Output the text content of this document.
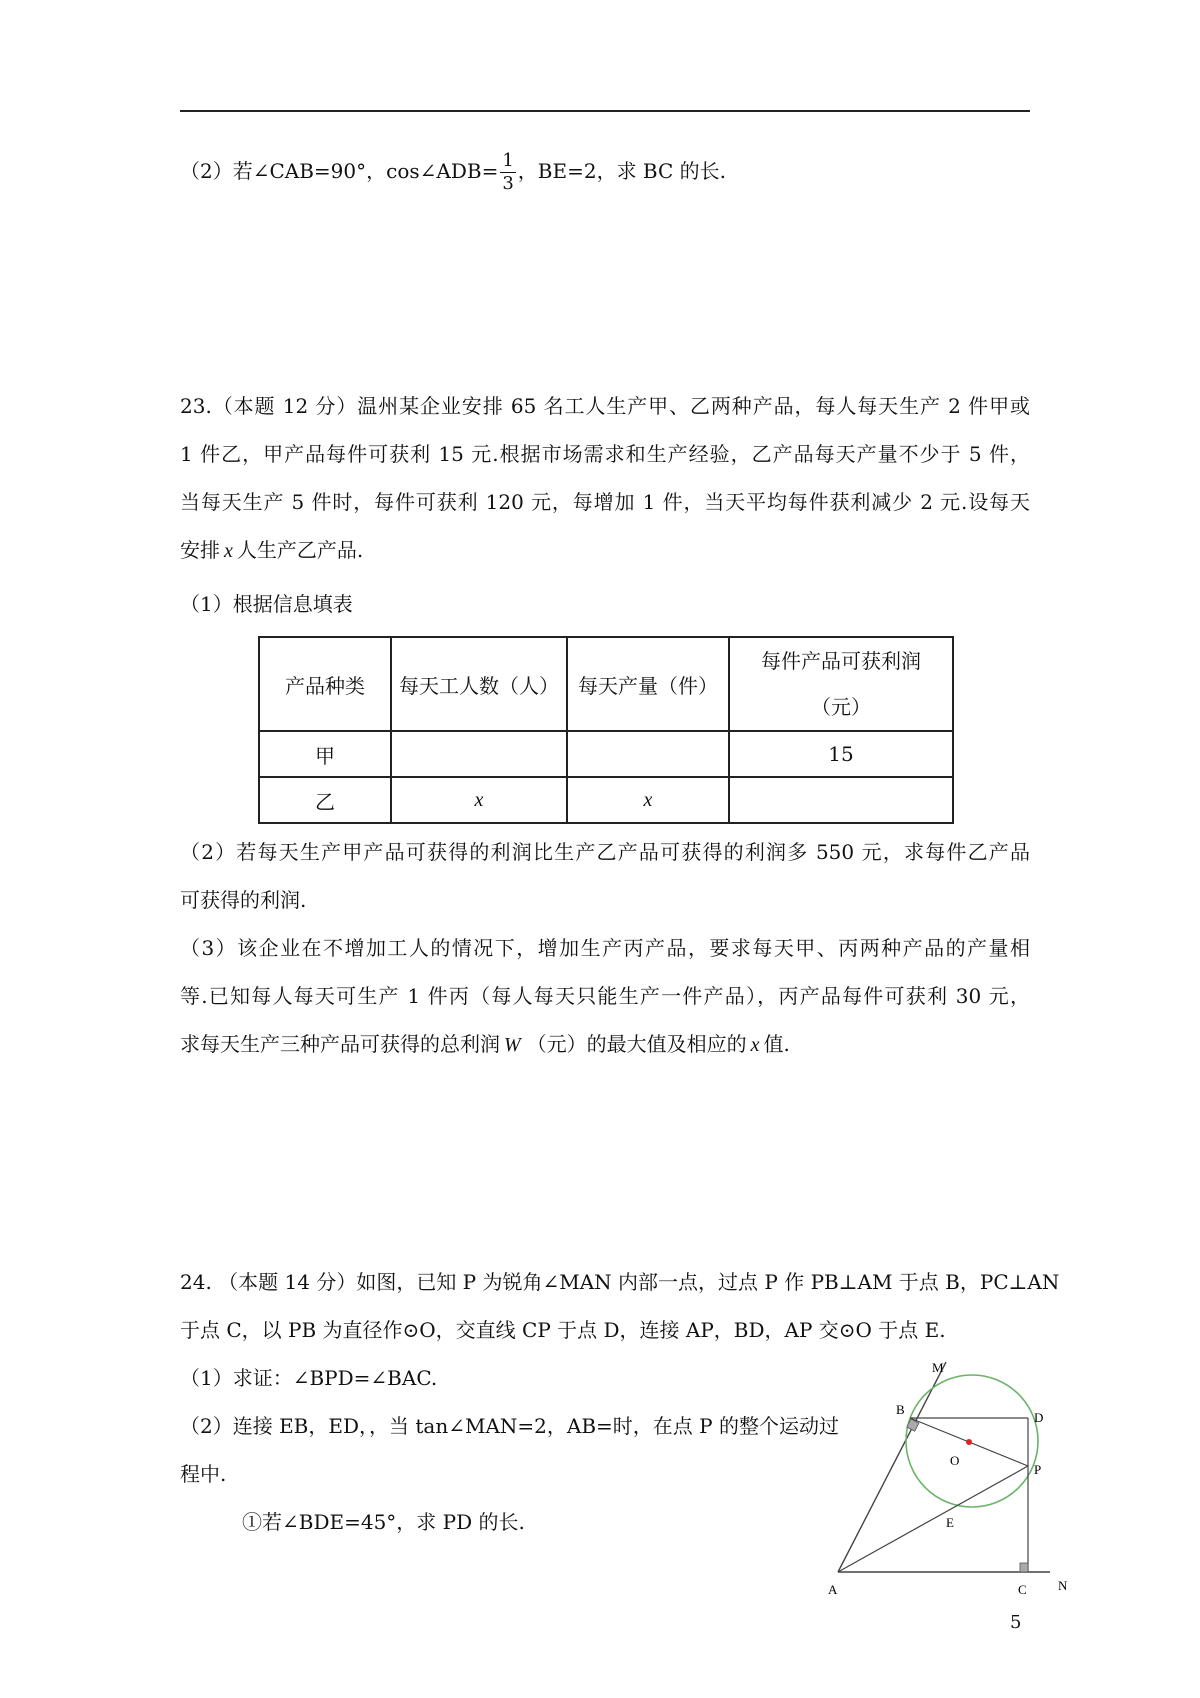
（2）若∠CAB=90°，cos∠ADB= $\frac{1}{3}$ ，BE=2，求 BC 的长.
23.（本题 12 分）温州某企业安排 65 名工人生产甲、乙两种产品，每人每天生产 2 件甲或
1 件乙，甲产品每件可获利 15 元.根据市场需求和生产经验，乙产品每天产量不少于 5 件，
当每天生产 5 件时，每件可获利 120 元，每增加 1 件，当天平均每件获利减少 2 元.设每天
安排 x 人生产乙产品.
（1）根据信息填表
产品种类	每天工人数（人）	每天产量（件）	每件产品可获利润
（元）

甲			15
乙	x	x	
（2）若每天生产甲产品可获得的利润比生产乙产品可获得的利润多 550 元，求每件乙产品
可获得的利润.
（3）该企业在不增加工人的情况下，增加生产丙产品，要求每天甲、丙两种产品的产量相
等.已知每人每天可生产 1 件丙（每人每天只能生产一件产品），丙产品每件可获利 30 元，
求每天生产三种产品可获得的总利润 W （元）的最大值及相应的 x 值.
24. （本题 14 分）如图，已知 P 为锐角∠MAN 内部一点，过点 P 作 PB⊥AM 于点 B，PC⊥AN
于点 C，以 PB 为直径作⊙O，交直线 CP 于点 D，连接 AP，BD，AP 交⊙O 于点 E.
（1）求证：∠BPD=∠BAC.
（2）连接 EB，ED，，当 tan∠MAN=2，AB=时，在点 P 的整个运动过
程中.
①若∠BDE=45°，求 PD 的长.
M
B
D
O
P
E
A	C N
5
